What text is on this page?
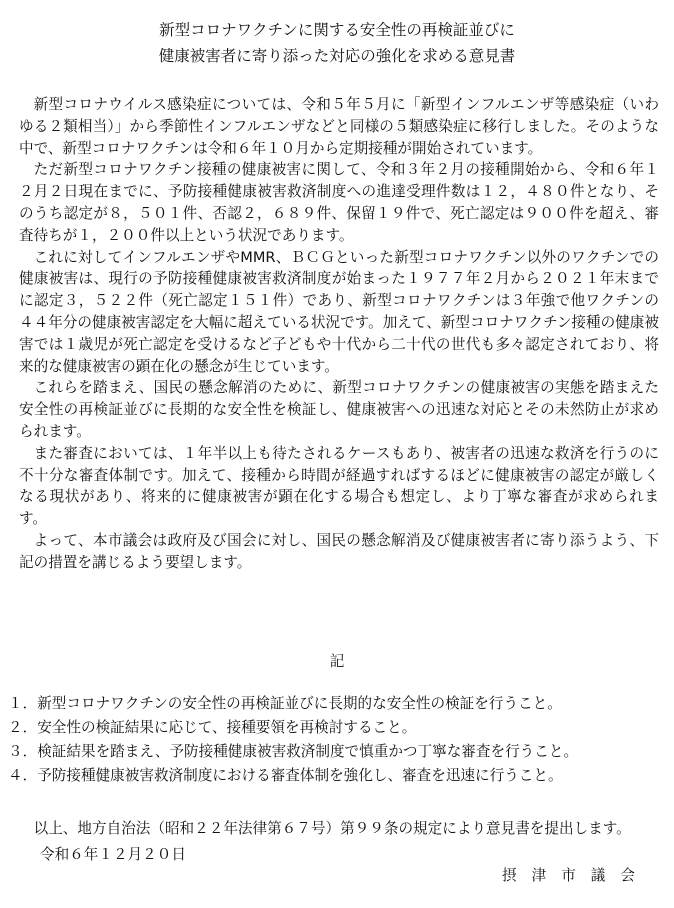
新型コロナワクチンに関する安全性の再検証並びに
健康被害者に寄り添った対応の強化を求める意見書

新型コロナウイルス感染症については、令和５年５月に「新型インフルエンザ等感染症（いわゆる２類相当）」から季節性インフルエンザなどと同様の５類感染症に移行しました。そのような中で、新型コロナワクチンは令和６年１０月から定期接種が開始されています。

ただ新型コロナワクチン接種の健康被害に関して、令和３年２月の接種開始から、令和６年１２月２日現在までに、予防接種健康被害救済制度への進達受理件数は１２，４８０件となり、そのうち認定が８，５０１件、否認２，６８９件、保留１９件で、死亡認定は９００件を超え、審査待ちが１，２００件以上という状況であります。

これに対してインフルエンザやMMR、ＢＣＧといった新型コロナワクチン以外のワクチンでの健康被害は、現行の予防接種健康被害救済制度が始まった１９７７年２月から２０２１年末までに認定３，５２２件（死亡認定１５１件）であり、新型コロナワクチンは３年強で他ワクチンの４４年分の健康被害認定を大幅に超えている状況です。加えて、新型コロナワクチン接種の健康被害では１歳児が死亡認定を受けるなど子どもや十代から二十代の世代も多々認定されており、将来的な健康被害の顕在化の懸念が生じています。

これらを踏まえ、国民の懸念解消のために、新型コロナワクチンの健康被害の実態を踏まえた安全性の再検証並びに長期的な安全性を検証し、健康被害への迅速な対応とその未然防止が求められます。

また審査においては、１年半以上も待たされるケースもあり、被害者の迅速な救済を行うのに不十分な審査体制です。加えて、接種から時間が経過すればするほどに健康被害の認定が厳しくなる現状があり、将来的に健康被害が顕在化する場合も想定し、より丁寧な審査が求められます。

よって、本市議会は政府及び国会に対し、国民の懸念解消及び健康被害者に寄り添うよう、下記の措置を講じるよう要望します。

記
１．新型コロナワクチンの安全性の再検証並びに長期的な安全性の検証を行うこと。
２．安全性の検証結果に応じて、接種要領を再検討すること。
３．検証結果を踏まえ、予防接種健康被害救済制度で慎重かつ丁寧な審査を行うこと。
４．予防接種健康被害救済制度における審査体制を強化し、審査を迅速に行うこと。

以上、地方自治法（昭和２２年法律第６７号）第９９条の規定により意見書を提出します。

令和６年１２月２０日
摂津市議会
